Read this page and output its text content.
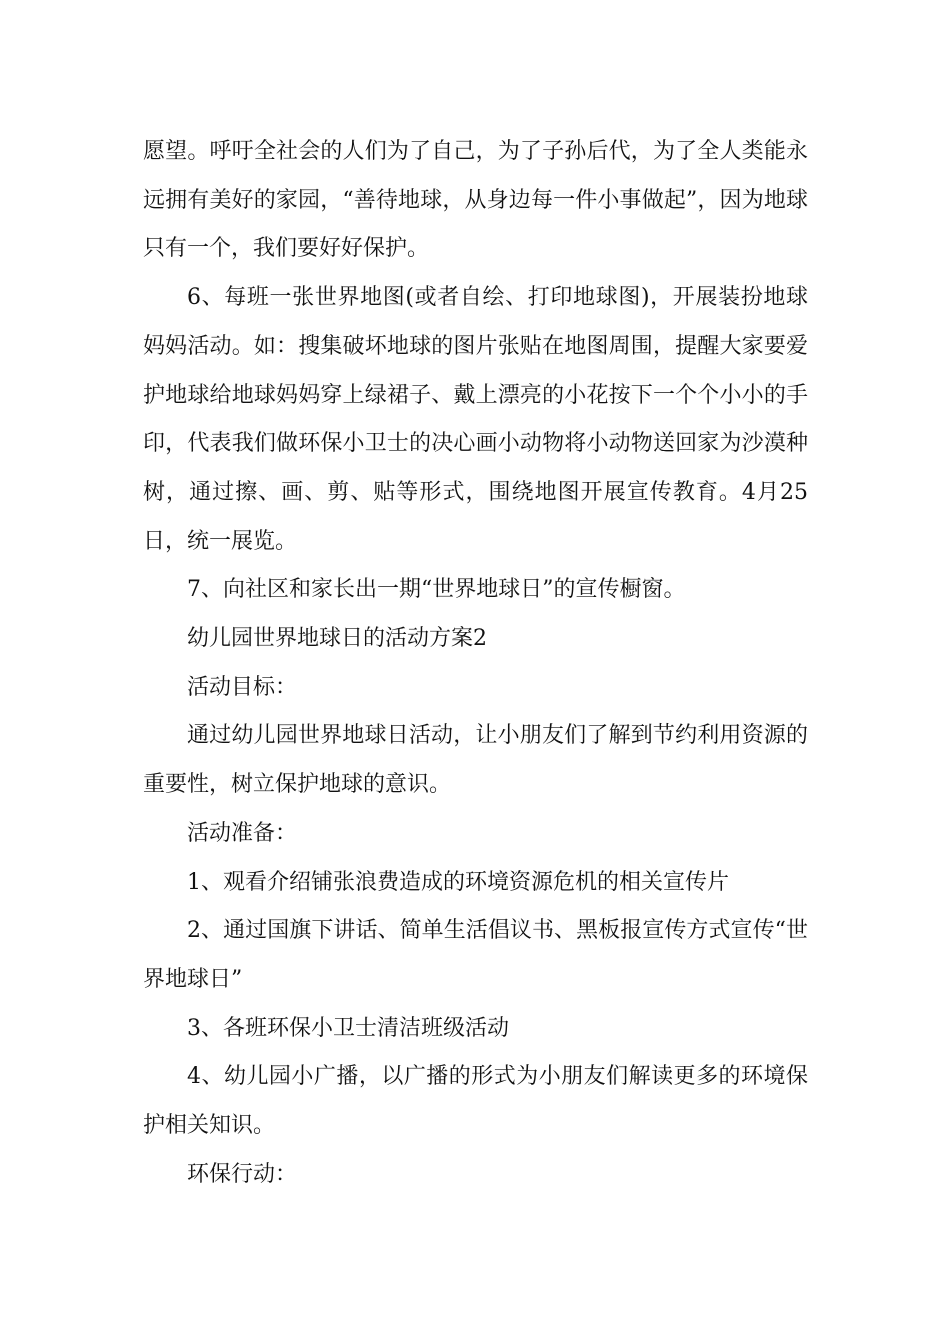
愿望。呼吁全社会的人们为了自己，为了子孙后代，为了全人类能永远拥有美好的家园，“善待地球，从身边每一件小事做起”，因为地球只有一个，我们要好好保护。

6、每班一张世界地图(或者自绘、打印地球图)，开展装扮地球妈妈活动。如：搜集破坏地球的图片张贴在地图周围，提醒大家要爱护地球给地球妈妈穿上绿裙子、戴上漂亮的小花按下一个个小小的手印，代表我们做环保小卫士的决心画小动物将小动物送回家为沙漠种树，通过擦、画、剪、贴等形式，围绕地图开展宣传教育。4月25日，统一展览。

7、向社区和家长出一期“世界地球日”的宣传橱窗。

幼儿园世界地球日的活动方案2

活动目标：

通过幼儿园世界地球日活动，让小朋友们了解到节约利用资源的重要性，树立保护地球的意识。

活动准备：

1、观看介绍铺张浪费造成的环境资源危机的相关宣传片

2、通过国旗下讲话、简单生活倡议书、黑板报宣传方式宣传“世界地球日”

3、各班环保小卫士清洁班级活动

4、幼儿园小广播，以广播的形式为小朋友们解读更多的环境保护相关知识。

环保行动：
